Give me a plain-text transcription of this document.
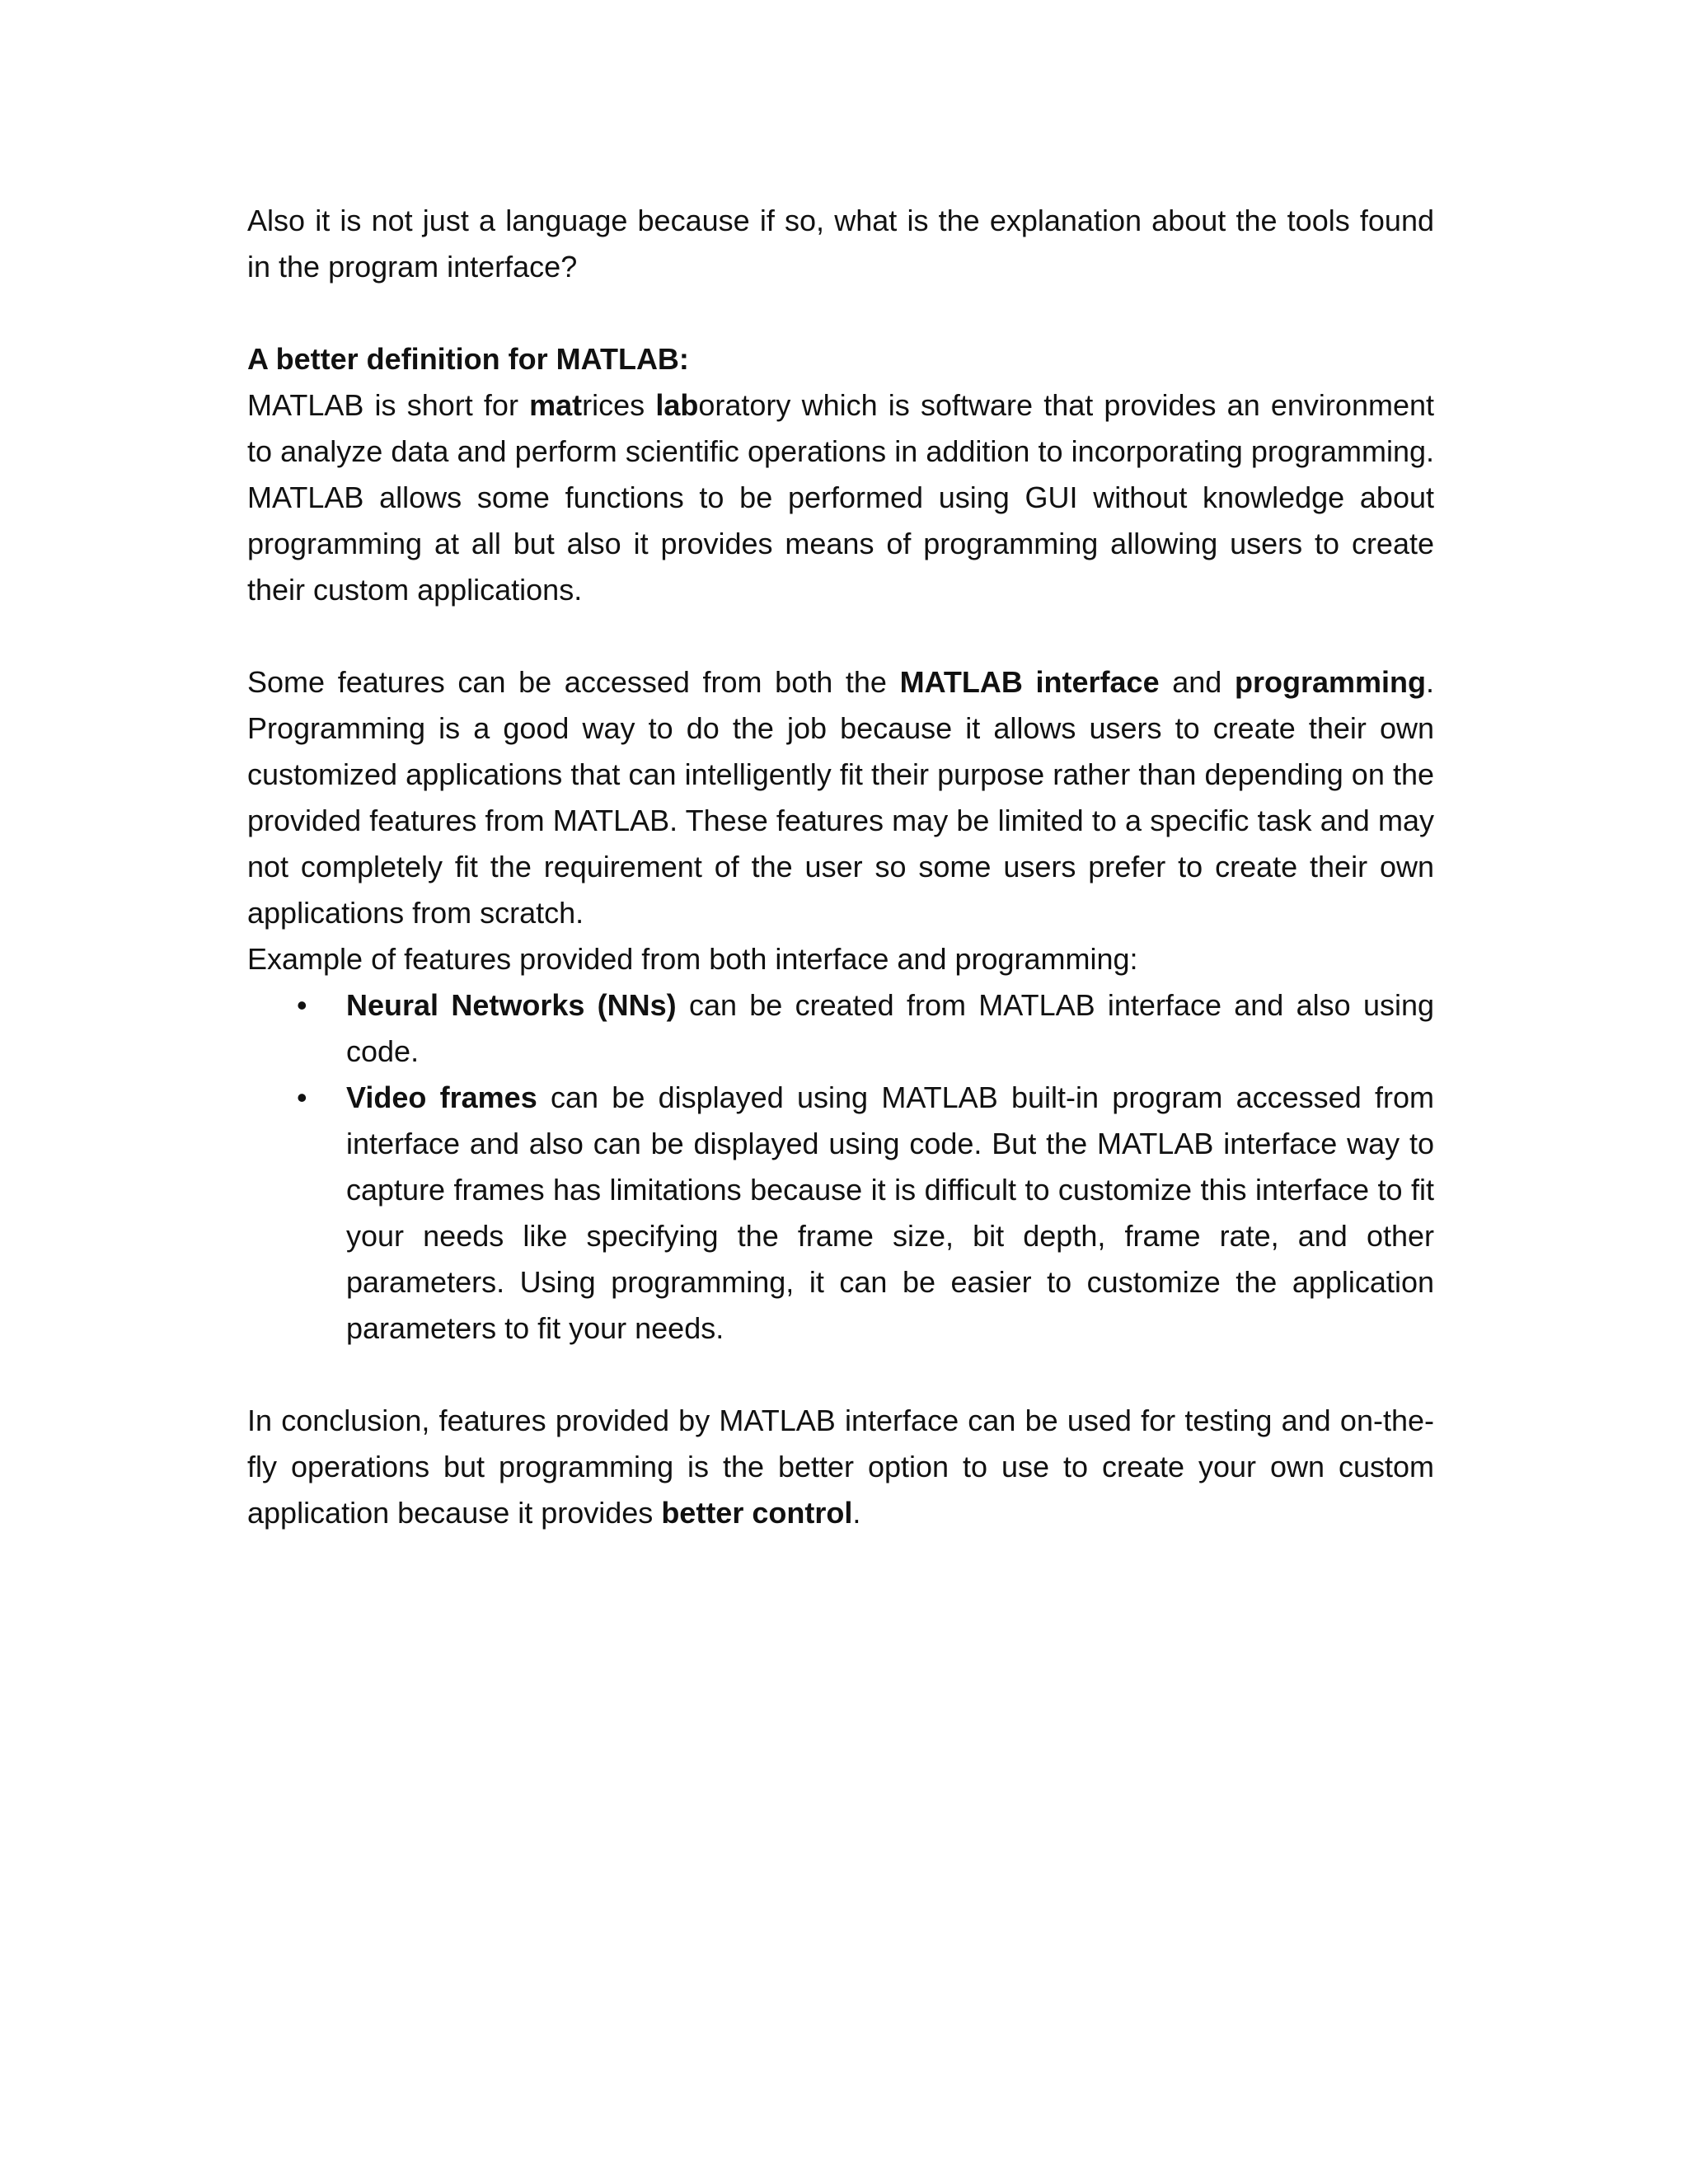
Also it is not just a language because if so, what is the explanation about the tools found in the program interface?

A better definition for MATLAB:

MATLAB is short for matrices laboratory which is software that provides an environment to analyze data and perform scientific operations in addition to incorporating programming. MATLAB allows some functions to be performed using GUI without knowledge about programming at all but also it provides means of programming allowing users to create their custom applications.

Some features can be accessed from both the MATLAB interface and programming. Programming is a good way to do the job because it allows users to create their own customized applications that can intelligently fit their purpose rather than depending on the provided features from MATLAB. These features may be limited to a specific task and may not completely fit the requirement of the user so some users prefer to create their own applications from scratch.

Example of features provided from both interface and programming:

•	Neural Networks (NNs) can be created from MATLAB interface and also using code.
•	Video frames can be displayed using MATLAB built-in program accessed from interface and also can be displayed using code. But the MATLAB interface way to capture frames has limitations because it is difficult to customize this interface to fit your needs like specifying the frame size, bit depth, frame rate, and other parameters. Using programming, it can be easier to customize the application parameters to fit your needs.

In conclusion, features provided by MATLAB interface can be used for testing and on-the-fly operations but programming is the better option to use to create your own custom application because it provides better control.
